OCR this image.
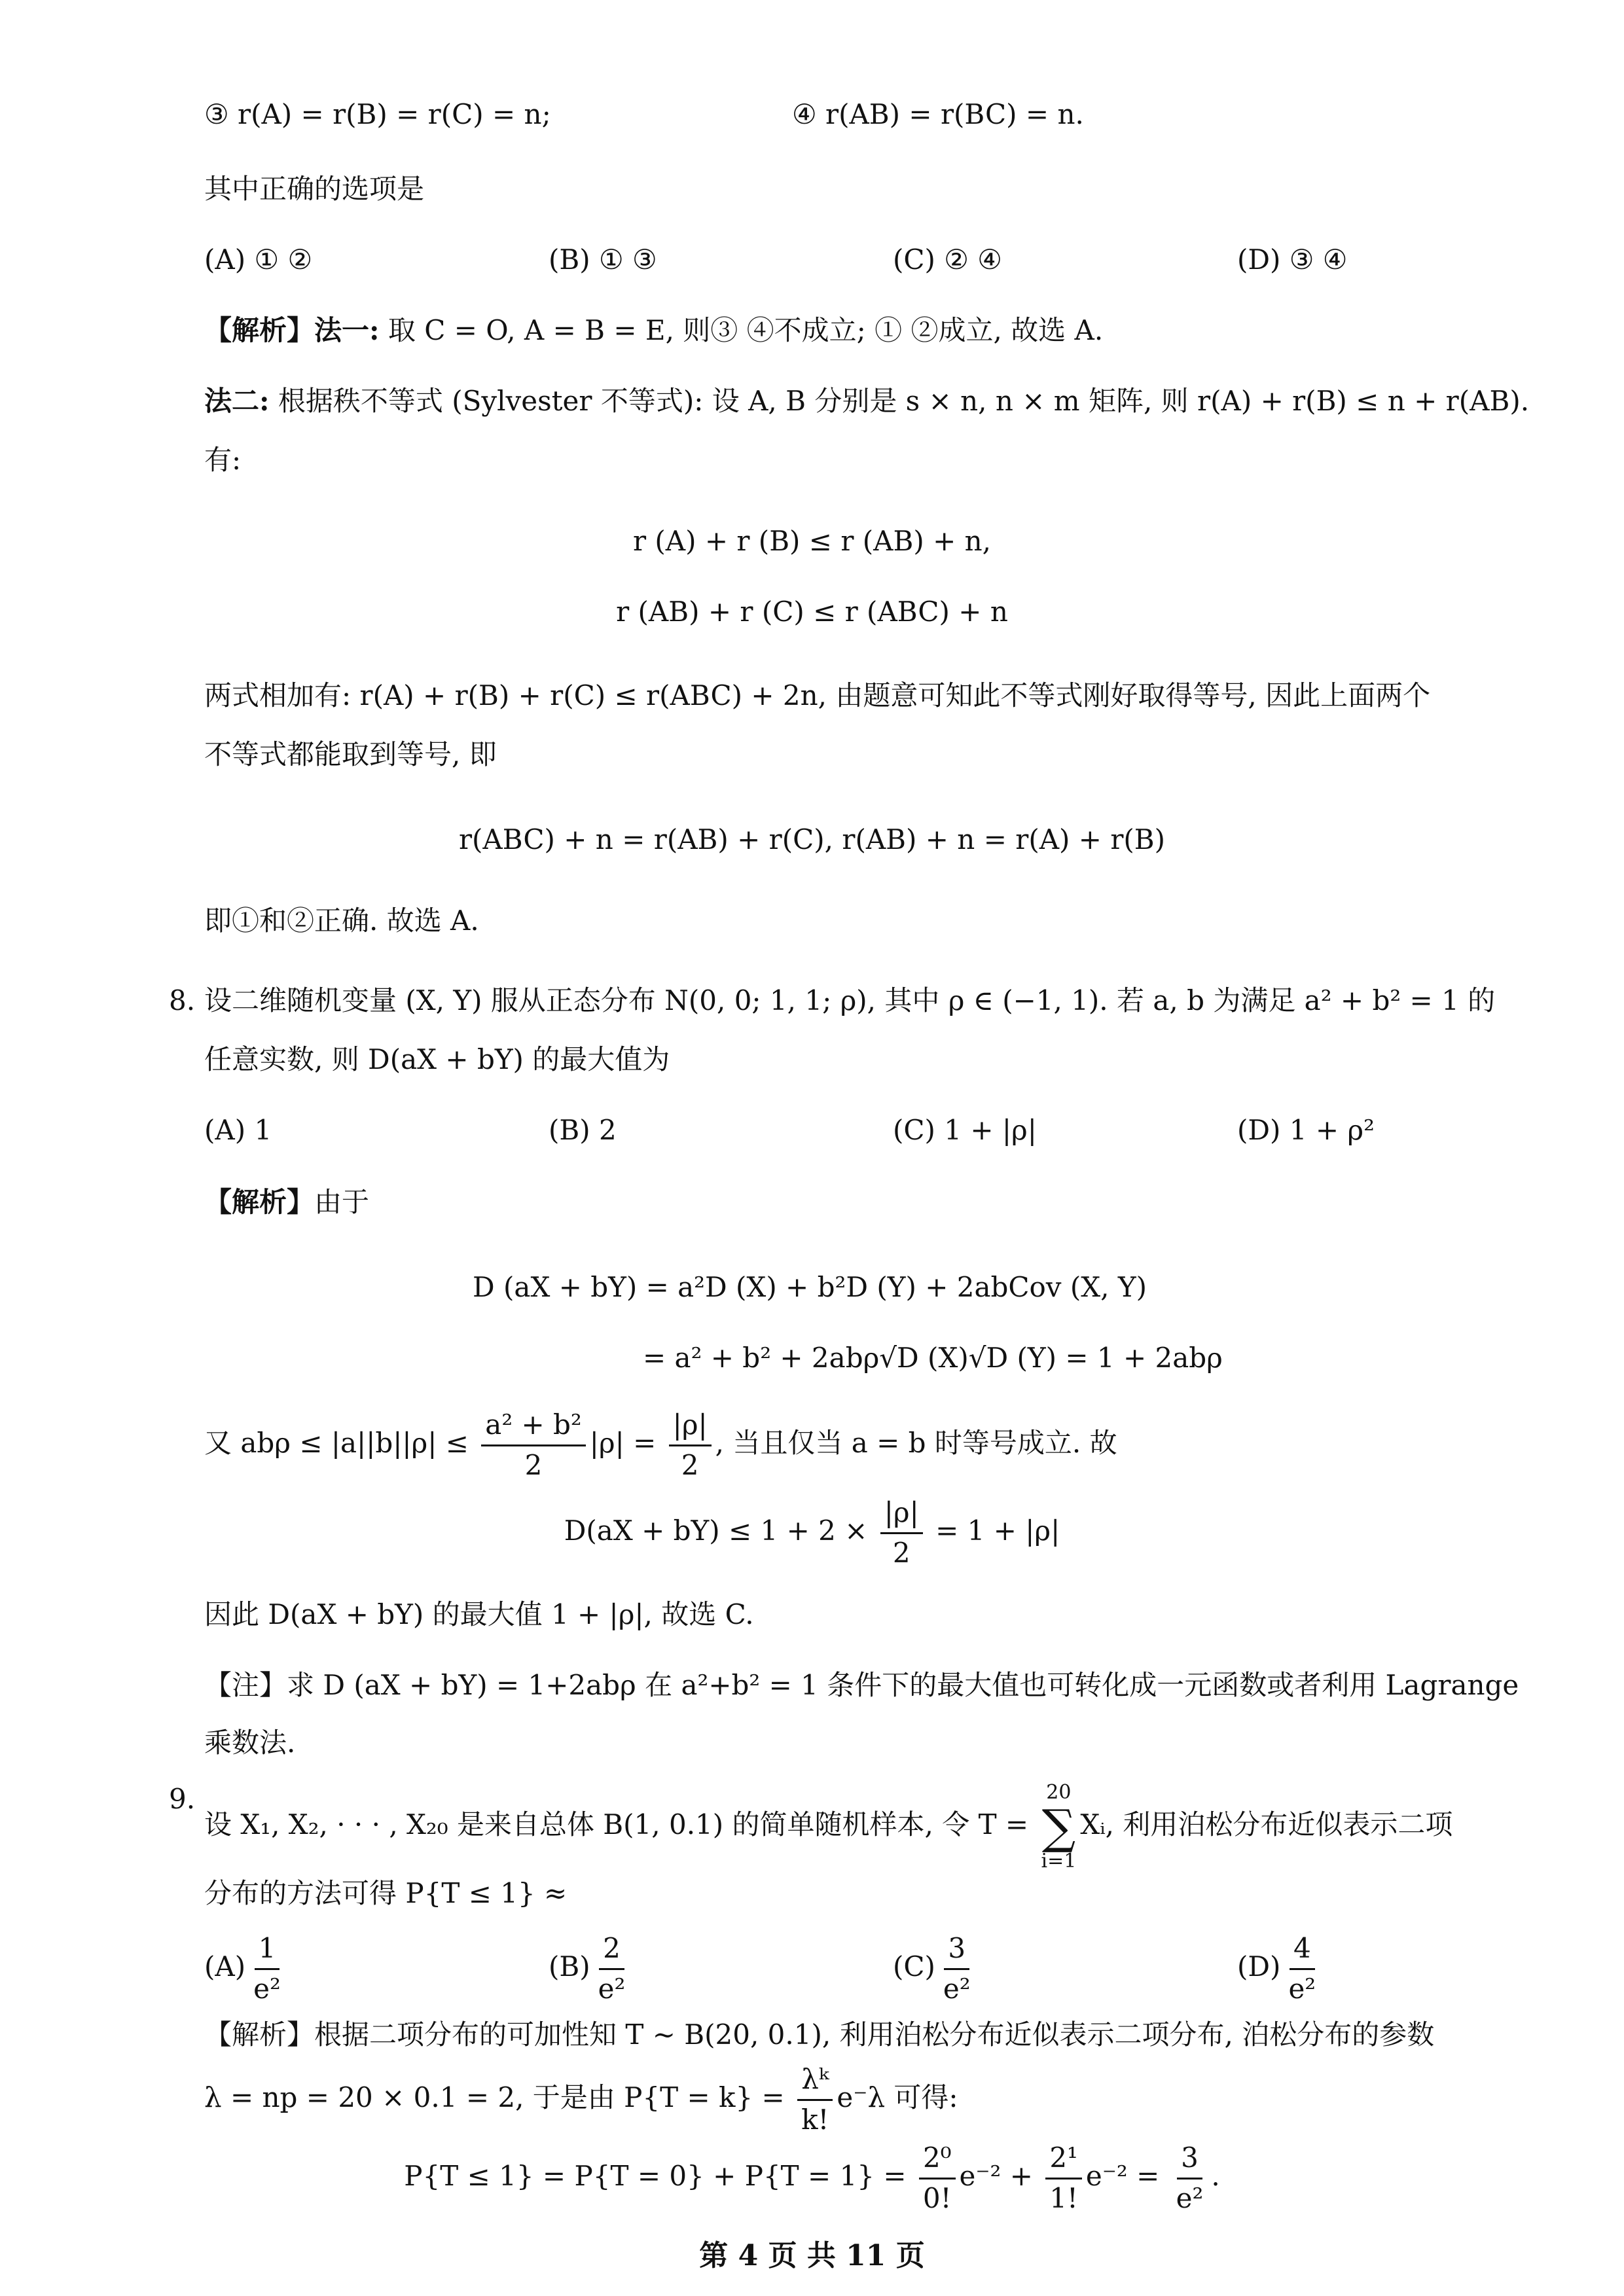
③ r(A) = r(B) = r(C) = n;	④ r(AB) = r(BC) = n.
其中正确的选项是
(A) ① ②	(B) ① ③	(C) ② ④	(D) ③ ④
【解析】法一: 取 C = O, A = B = E, 则③ ④不成立; ① ②成立, 故选 A.
法二: 根据秩不等式 (Sylvester 不等式): 设 A, B 分别是 s × n, n × m 矩阵, 则 r(A) + r(B) ≤ n + r(AB).
有:
r (A) + r (B) ≤ r (AB) + n,
r (AB) + r (C) ≤ r (ABC) + n
两式相加有: r(A) + r(B) + r(C) ≤ r(ABC) + 2n, 由题意可知此不等式刚好取得等号, 因此上面两个
不等式都能取到等号, 即
r(ABC) + n = r(AB) + r(C), r(AB) + n = r(A) + r(B)
即①和②正确. 故选 A.
8. 设二维随机变量 (X, Y) 服从正态分布 N(0, 0; 1, 1; ρ), 其中 ρ ∈ (−1, 1). 若 a, b 为满足 a² + b² = 1 的
任意实数, 则 D(aX + bY) 的最大值为
(A) 1	(B) 2	(C) 1 + |ρ|	(D) 1 + ρ²
【解析】由于
D (aX + bY) = a²D (X) + b²D (Y) + 2abCov (X, Y)
= a² + b² + 2abρ√D (X)√D (Y) = 1 + 2abρ
又 $ab\rho \le |a||b||\rho| \le \frac{\text{a² + b²}}{2} |\rho| = \frac{|\rho|}{2}$ , 当且仅当 a = b 时等号成立. 故
$D(aX + bY) \le 1 + 2 \times \frac{|\rho|}{2} = 1 + |\rho|$
因此 D(aX + bY) 的最大值 1 + |ρ|, 故选 C.
【注】求 D (aX + bY) = 1+2abρ 在 a²+b² = 1 条件下的最大值也可转化成一元函数或者利用 Lagrange
乘数法.
9.
设 X₁, X₂, · · · , X₂₀ 是来自总体 B(1, 0.1) 的简单随机样本, 令 T =
20
∑
i=1
Xᵢ, 利用泊松分布近似表示二项
分布的方法可得 P{T ≤ 1} ≈
$(A) \frac{1}{\text{e²}}$	$(B) \frac{2}{\text{e²}}$	$(C) \frac{3}{\text{e²}}$	$(D) \frac{4}{\text{e²}}$
【解析】根据二项分布的可加性知 T ∼ B(20, 0.1), 利用泊松分布近似表示二项分布, 泊松分布的参数
λ = np = 20 × 0.1 = 2, 于是由 $P\{T = k\} = \frac{\text{λᵏ}}{k!} e^-\lambda$ 可得:
$P\{T \le 1\} = P\{T = 0\} + P\{T = 1\} = \frac{\text{2⁰}}{0!} e^{-2} + \frac{\text{2¹}}{1!} e^{-2} = \frac{3}{\text{e²}}$ .
第 4 页 共 11 页
